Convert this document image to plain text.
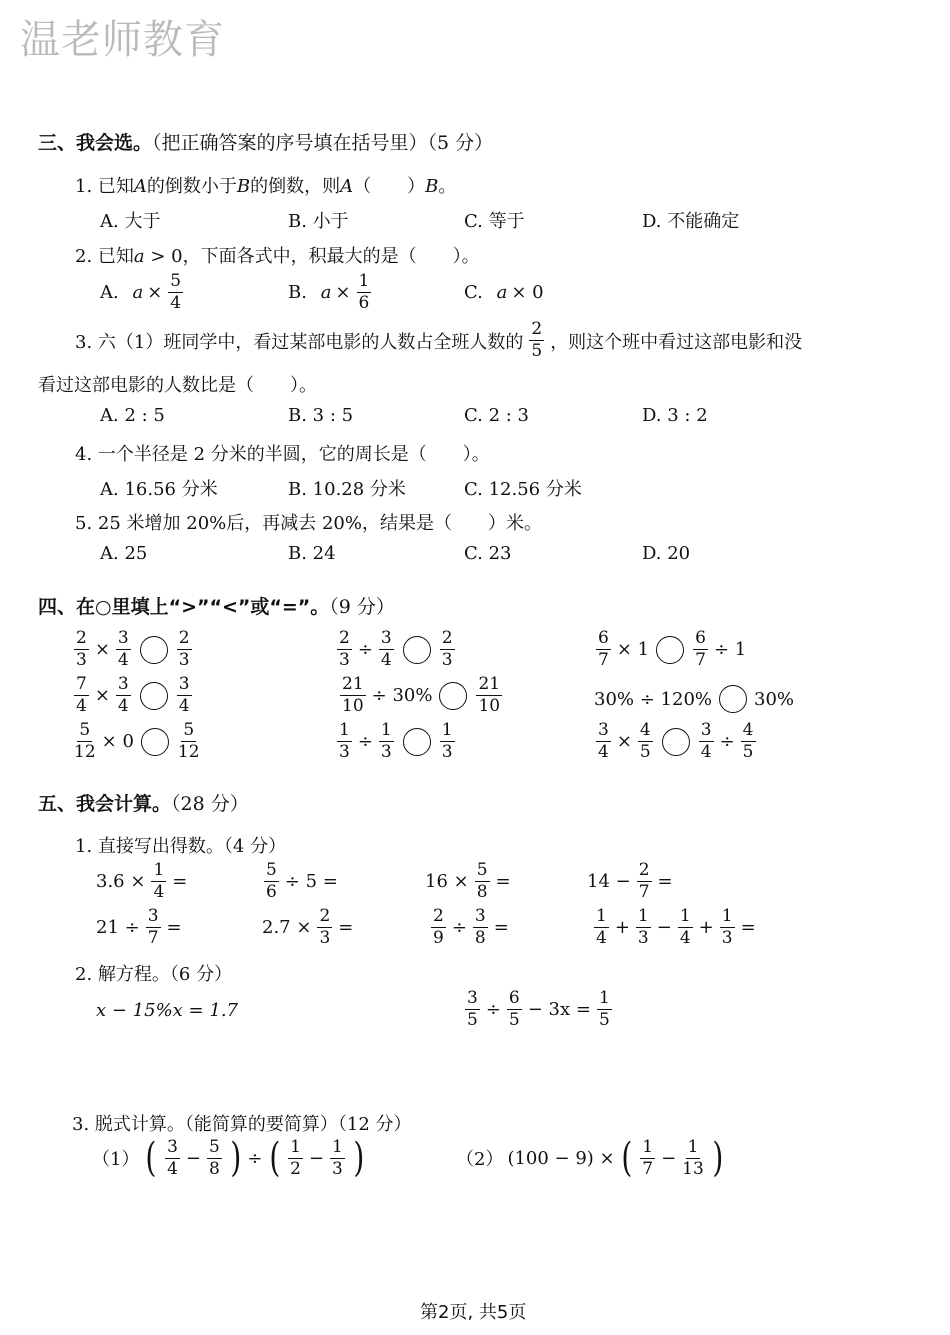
温老师教育
三、我会选。（把正确答案的序号填在括号里）（5 分）
1. 已知A的倒数小于B的倒数，则A（　　）B。
A. 大于	B. 小于	C. 等于	D. 不能确定
2. 已知a > 0，下面各式中，积最大的是（　　）。
A.
$a \times \frac{5}{4}$	B.
$a \times \frac{1}{6}$	C.
a × 0
3. 六（1）班同学中，看过某部电影的人数占全班人数的 $\frac{2}{5}$ ，则这个班中看过这部电影和没
看过这部电影的人数比是（　　）。
A. 2 : 5	B. 3 : 5	C. 2 : 3	D. 3 : 2
4. 一个半径是 2 分米的半圆，它的周长是（　　）。
A. 16.56 分米	B. 10.28 分米	C. 12.56 分米
5. 25 米增加 20%后，再减去 20%，结果是（　　）米。
A. 25	B. 24	C. 23	D. 20
四、在○里填上“>”“<”或“=”。（9 分）
$\frac{2}{3} \times \frac{3}{4}$	$\frac{2}{3}$	$\frac{2}{3} \div \frac{3}{4}$	$\frac{2}{3}$	$\frac{6}{7} \times 1$	$\frac{6}{7} \div 1$
$\frac{7}{4} \times \frac{3}{4}$	$\frac{3}{4}$	$\frac{21}{10} \div 30\%$	$\frac{21}{10}$	30% ÷ 120% 30%
$\frac{5}{12} \times 0$	$\frac{5}{12}$	$\frac{1}{3} \div \frac{1}{3}$	$\frac{1}{3}$	$\frac{3}{4} \times \frac{4}{5}$	$\frac{3}{4} \div \frac{4}{5}$
五、我会计算。（28 分）
1. 直接写出得数。（4 分）
$3.6 \times \frac{1}{4}$ =	$\frac{5}{6} \div 5$ =	$16 \times \frac{5}{8}$ =	$14 - \frac{2}{7}$ =
$21 \div \frac{3}{7}$ =	$2.7 \times \frac{2}{3}$ =	$\frac{2}{9} \div \frac{3}{8}$ =	$\frac{1}{4} + \frac{1}{3} - \frac{1}{4} + \frac{1}{3}$ =
2. 解方程。（6 分）
x − 15%x = 1.7	$\frac{3}{5} \div \frac{6}{5} - 3x = \frac{1}{5}$
3. 脱式计算。（能简算的要简算）（12 分）
（1） ( $\frac{3}{4} - \frac{5}{8}$ ) ÷ ( $\frac{1}{2} - \frac{1}{3}$ )	（2） (100 − 9) × ( $\frac{1}{7} - \frac{1}{13}$ )
第2页, 共5页
